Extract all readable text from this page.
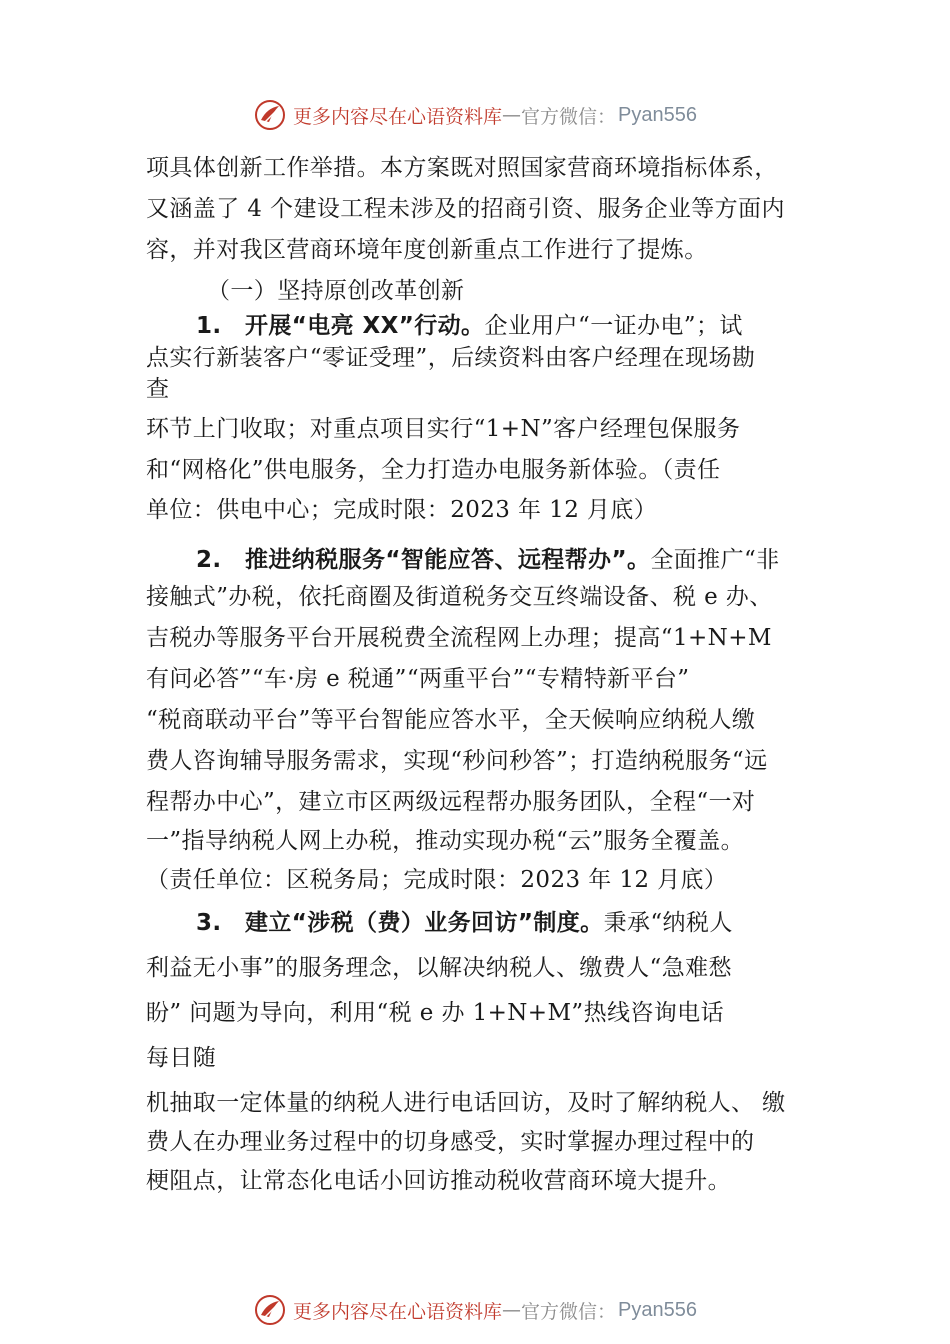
更多内容尽在心语资料库 — 官方微信： Pyan556
项具体创新工作举措。本方案既对照国家营商环境指标体系，
又涵盖了 4 个建设工程未涉及的招商引资、服务企业等方面内
容，并对我区营商环境年度创新重点工作进行了提炼。
（一）坚持原创改革创新
1.　开展“电亮 XX”行动。企业用户“一证办电”；试
点实行新装客户“零证受理”，后续资料由客户经理在现场勘
查
环节上门收取；对重点项目实行“1+N”客户经理包保服务
和“网格化”供电服务，全力打造办电服务新体验。（责任
单位：供电中心；完成时限：2023 年 12 月底）
2.　推进纳税服务“智能应答、远程帮办”。全面推广“非
接触式”办税，依托商圈及街道税务交互终端设备、税 e 办、
吉税办等服务平台开展税费全流程网上办理；提高“1+N+M
有问必答”“车·房 e 税通”“两重平台”“专精特新平台”
“税商联动平台”等平台智能应答水平，全天候响应纳税人缴
费人咨询辅导服务需求，实现“秒问秒答”；打造纳税服务“远
程帮办中心”，建立市区两级远程帮办服务团队，全程“一对
一”指导纳税人网上办税，推动实现办税“云”服务全覆盖。
（责任单位：区税务局；完成时限：2023 年 12 月底）
3.　建立“涉税（费）业务回访”制度。秉承“纳税人
利益无小事”的服务理念，以解决纳税人、缴费人“急难愁
盼” 问题为导向，利用“税 e 办 1+N+M”热线咨询电话
每日随
机抽取一定体量的纳税人进行电话回访，及时了解纳税人、 缴
费人在办理业务过程中的切身感受，实时掌握办理过程中的
梗阻点，让常态化电话小回访推动税收营商环境大提升。
更多内容尽在心语资料库 — 官方微信： Pyan556
